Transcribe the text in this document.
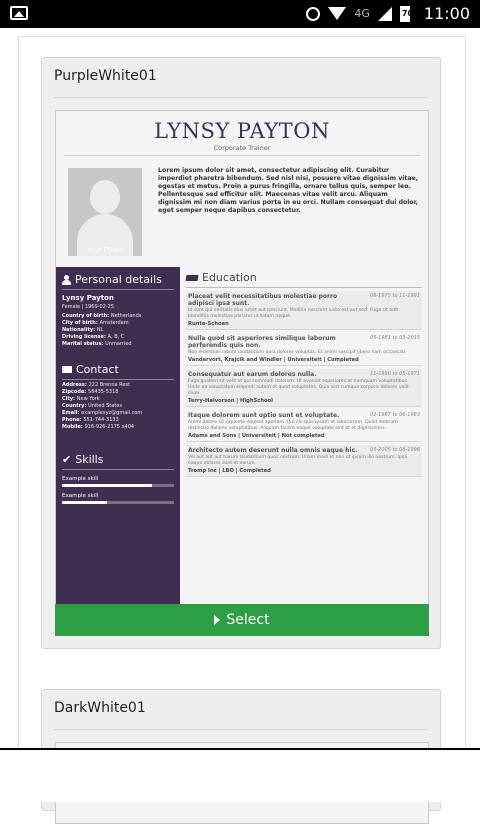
4G	70 11:00
PurpleWhite01
LYNSY PAYTON
Corporate Trainer
Your Photo
Lorem ipsum dolor sit amet, consectetur adipiscing elit. Curabitur imperdiet pharetra bibendum. Sed nisl nisi, posuere vitae dignissim vitae, egestas et metus. Proin a purus fringilla, ornare tellus quis, semper leo. Pellentesque sed efficitur elit. Maecenas vitae velit arcu. Aliquam dignissim mi non diam varius porta in eu orci. Nullam consequat dui dolor, eget semper neque dapibus consectetur.
Personal details
Lynsy Payton
Female | 1969-02-25
Country of birth: Netherlands
City of birth: Amsterdam
Nationality: NL
Driving license: A, B, C
Marital status: Unmarried
Contact
Address: 222 Brenna Rest
Zipcode: 56435-5318
City: New York
Country: United States
Email: examplexyz@gmail.com
Phone: 551-744-3133
Mobile: 916-926-2175 x404
✔ Skills
Example skill
Example skill
Education
Placeat velit necessitatibus molestiae porro adipisci ipsa sunt.
08-1975 to 11-1991
Id sunt qui veritatis eius amet aut nesciunt. Mollitia nesciunt iusto est aut sed. Fuga sit odit blanditiis molestiae pariatur ut totam neque.
Runte-Schoen
Nulla quod sit asperiores similique laborum perferendis quis non.
05-1981 to 03-2015
Non molestias labore laudantium quia dolores voluptas. Et animi suscipit libero nam occaecati.
Vandervort, Krajcik and Windler | Universiteit | Completed
Consequatur aut earum dolores nulla.	11-1990 to 05-1971
Fuga quidem sit velit et qui commodi dolorem. Ut eveniet asperiores et numquam voluptatibus. Unde ea voluptatem eligendi autem et quod voluptates. Quia sint cumque corporis dolores velit illum.
Terry-Halvorson | HighSchool
Itaque dolorem sunt optio sunt et voluptate.	02-1987 to 06-1983
Animi dolore sit sapiente dolores aperiam. Qui illo quis ipsam et laboriosam. Quod dolorum distinctio dolores voluptatibus. Aliquam facere eaque voluptate sint et et dignissimos.
Adams and Sons | Universiteit | Not completed
Architecto autem deserunt nulla omnis eaque hic.	05-2005 to 08-1996
Vel aut aut aut harum laudantium quos nostrum. Ullam modi et non ut ipsum illo nostrum. Ipsa eaque dolores sunt et earum.
Tromp Inc | LBO | Completed
Select
DarkWhite01
